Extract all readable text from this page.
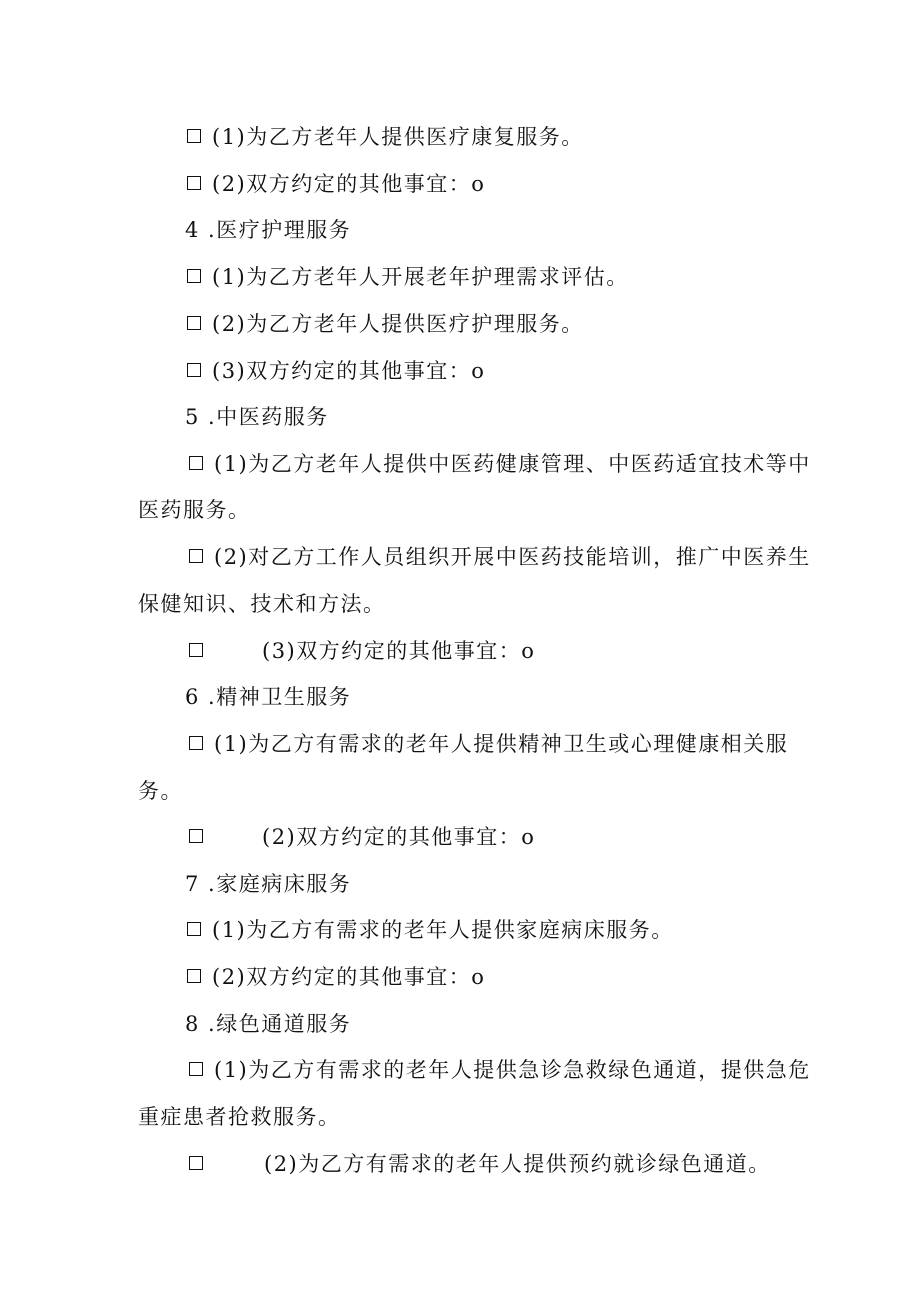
(1)为乙方老年人提供医疗康复服务。
(2)双方约定的其他事宜：o
4 .医疗护理服务
(1)为乙方老年人开展老年护理需求评估。
(2)为乙方老年人提供医疗护理服务。
(3)双方约定的其他事宜：o
5 .中医药服务
(1)为乙方老年人提供中医药健康管理、中医药适宜技术等中
医药服务。
(2)对乙方工作人员组织开展中医药技能培训，推广中医养生
保健知识、技术和方法。
(3)双方约定的其他事宜：o
6 .精神卫生服务
(1)为乙方有需求的老年人提供精神卫生或心理健康相关服
务。
(2)双方约定的其他事宜：o
7 .家庭病床服务
(1)为乙方有需求的老年人提供家庭病床服务。
(2)双方约定的其他事宜：o
8 .绿色通道服务
(1)为乙方有需求的老年人提供急诊急救绿色通道，提供急危
重症患者抢救服务。
(2)为乙方有需求的老年人提供预约就诊绿色通道。
